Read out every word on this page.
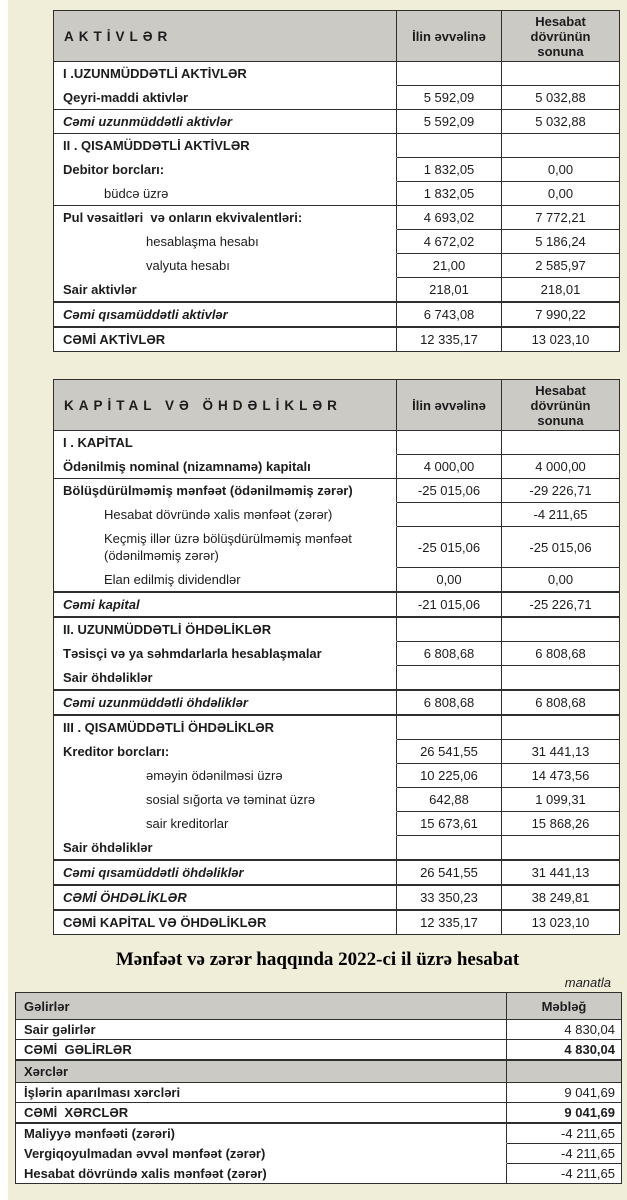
AKTİVLƏR	İlin əvvəlinə	Hesabat dövrünün sonuna
I .UZUNMÜDDƏTLİ AKTİVLƏR		
Qeyri-maddi aktivlər	5 592,09	5 032,88
Cəmi uzunmüddətli aktivlər	5 592,09	5 032,88
II . QISAMÜDDƏTLİ AKTİVLƏR		
Debitor borcları:	1 832,05	0,00
büdcə üzrə	1 832,05	0,00
Pul vəsaitləri  və onların ekvivalentləri:	4 693,02	7 772,21
hesablaşma hesabı	4 672,02	5 186,24
valyuta hesabı	21,00	2 585,97
Sair aktivlər	218,01	218,01
Cəmi qısamüddətli aktivlər	6 743,08	7 990,22
CƏMİ AKTİVLƏR	12 335,17	13 023,10
KAPİTAL VƏ ÖHDƏLİKLƏR	İlin əvvəlinə	Hesabat dövrünün sonuna
I . KAPİTAL		
Ödənilmiş nominal (nizamnamə) kapitalı	4 000,00	4 000,00
Bölüşdürülməmiş mənfəət (ödənilməmiş zərər)	-25 015,06	-29 226,71
Hesabat dövründə xalis mənfəət (zərər)		-4 211,65
Keçmiş illər üzrə bölüşdürülməmiş mənfəət (ödənilməmiş zərər)	-25 015,06	-25 015,06
Elan edilmiş dividendlər	0,00	0,00
Cəmi kapital	-21 015,06	-25 226,71
II. UZUNMÜDDƏTLİ ÖHDƏLİKLƏR		
Təsisçi və ya səhmdarlarla hesablaşmalar	6 808,68	6 808,68
Sair öhdəliklər		
Cəmi uzunmüddətli öhdəliklər	6 808,68	6 808,68
III . QISAMÜDDƏTLİ ÖHDƏLİKLƏR		
Kreditor borcları:	26 541,55	31 441,13
əməyin ödənilməsi üzrə	10 225,06	14 473,56
sosial sığorta və təminat üzrə	642,88	1 099,31
sair kreditorlar	15 673,61	15 868,26
Sair öhdəliklər		
Cəmi qısamüddətli öhdəliklər	26 541,55	31 441,13
CƏMİ ÖHDƏLİKLƏR	33 350,23	38 249,81
CƏMİ KAPİTAL VƏ ÖHDƏLİKLƏR	12 335,17	13 023,10
Mənfəət və zərər haqqında 2022-ci il üzrə hesabat
manatla
Gəlirlər	Məbləğ
Sair gəlirlər	4 830,04
CƏMİ  GƏLİRLƏR	4 830,04
Xərclər	
İşlərin aparılması xərcləri	9 041,69
CƏMİ  XƏRCLƏR	9 041,69
Maliyyə mənfəəti (zərəri)	-4 211,65
Vergiqoyulmadan əvvəl mənfəət (zərər)	-4 211,65
Hesabat dövründə xalis mənfəət (zərər)	-4 211,65
